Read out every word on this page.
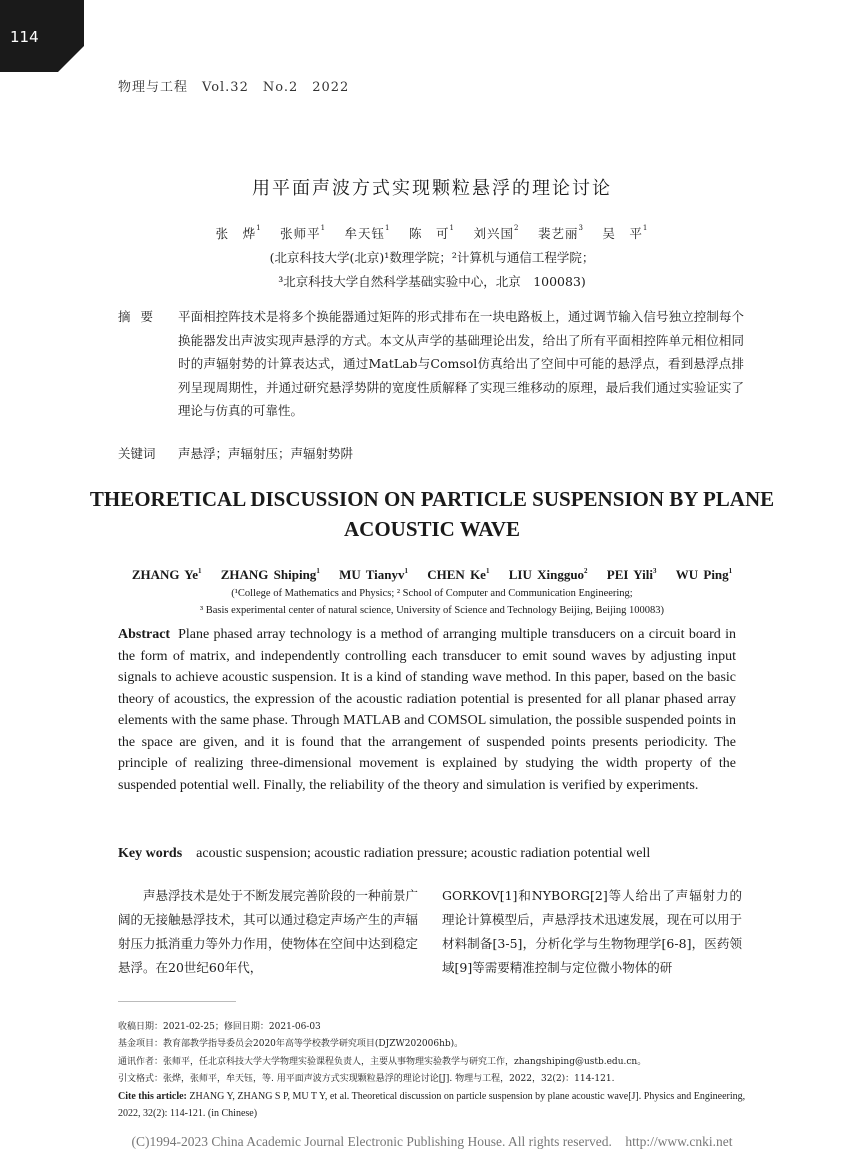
114
物理与工程　Vol.32　No.2　2022
用平面声波方式实现颗粒悬浮的理论讨论
张　烨$^1$　 张师平$^1$　 牟天钰$^1$　 陈　可$^1$　 刘兴国$^2$　 裴艺丽$^3$　 吴　平$^1$
(北京科技大学(北京)¹数理学院；²计算机与通信工程学院；
³北京科技大学自然科学基础实验中心，北京　100083)
摘要 平面相控阵技术是将多个换能器通过矩阵的形式排布在一块电路板上，通过调节输入信号独立控制每个换能器发出声波实现声悬浮的方式。本文从声学的基础理论出发，给出了所有平面相控阵单元相位相同时的声辐射势的计算表达式，通过MatLab与Comsol仿真给出了空间中可能的悬浮点，看到悬浮点排列呈现周期性，并通过研究悬浮势阱的宽度性质解释了实现三维移动的原理，最后我们通过实验证实了理论与仿真的可靠性。
关键词 声悬浮；声辐射压；声辐射势阱
THEORETICAL DISCUSSION ON PARTICLE SUSPENSION BY PLANE ACOUSTIC WAVE
ZHANG Ye$^1$ ZHANG Shiping$^1$ MU Tianyv$^1$ CHEN Ke$^1$ LIU Xingguo$^2$ PEI Yili$^3$ WU Ping$^1$
(¹College of Mathematics and Physics; ² School of Computer and Communication Engineering;
³ Basis experimental center of natural science, University of Science and Technology Beijing, Beijing 100083)
Abstract Plane phased array technology is a method of arranging multiple transducers on a circuit board in the form of matrix, and independently controlling each transducer to emit sound waves by adjusting input signals to achieve acoustic suspension. It is a kind of standing wave method. In this paper, based on the basic theory of acoustics, the expression of the acoustic radiation potential is presented for all planar phased array elements with the same phase. Through MATLAB and COMSOL simulation, the possible suspended points in the space are given, and it is found that the arrangement of suspended points presents periodicity. The principle of realizing three-dimensional movement is explained by studying the width property of the suspended potential well. Finally, the reliability of the theory and simulation is verified by experiments.
Key words acoustic suspension; acoustic radiation pressure; acoustic radiation potential well
声悬浮技术是处于不断发展完善阶段的一种前景广阔的无接触悬浮技术，其可以通过稳定声场产生的声辐射压力抵消重力等外力作用，使物体在空间中达到稳定悬浮。在20世纪60年代，
GORKOV[1]和NYBORG[2]等人给出了声辐射力的理论计算模型后，声悬浮技术迅速发展，现在可以用于材料制备[3-5]，分析化学与生物物理学[6-8]，医药领域[9]等需要精准控制与定位微小物体的研
收稿日期：2021-02-25；修回日期：2021-06-03
基金项目：教育部教学指导委员会2020年高等学校教学研究项目(DJZW202006hb)。
通讯作者：张师平，任北京科技大学大学物理实验课程负责人，主要从事物理实验教学与研究工作，zhangshiping@ustb.edu.cn。
引文格式：张烨，张师平，牟天钰，等. 用平面声波方式实现颗粒悬浮的理论讨论[J]. 物理与工程，2022，32(2)：114-121.
Cite this article: ZHANG Y, ZHANG S P, MU T Y, et al. Theoretical discussion on particle suspension by plane acoustic wave[J]. Physics and Engineering, 2022, 32(2): 114-121. (in Chinese)
(C)1994-2023 China Academic Journal Electronic Publishing House. All rights reserved.　http://www.cnki.net
